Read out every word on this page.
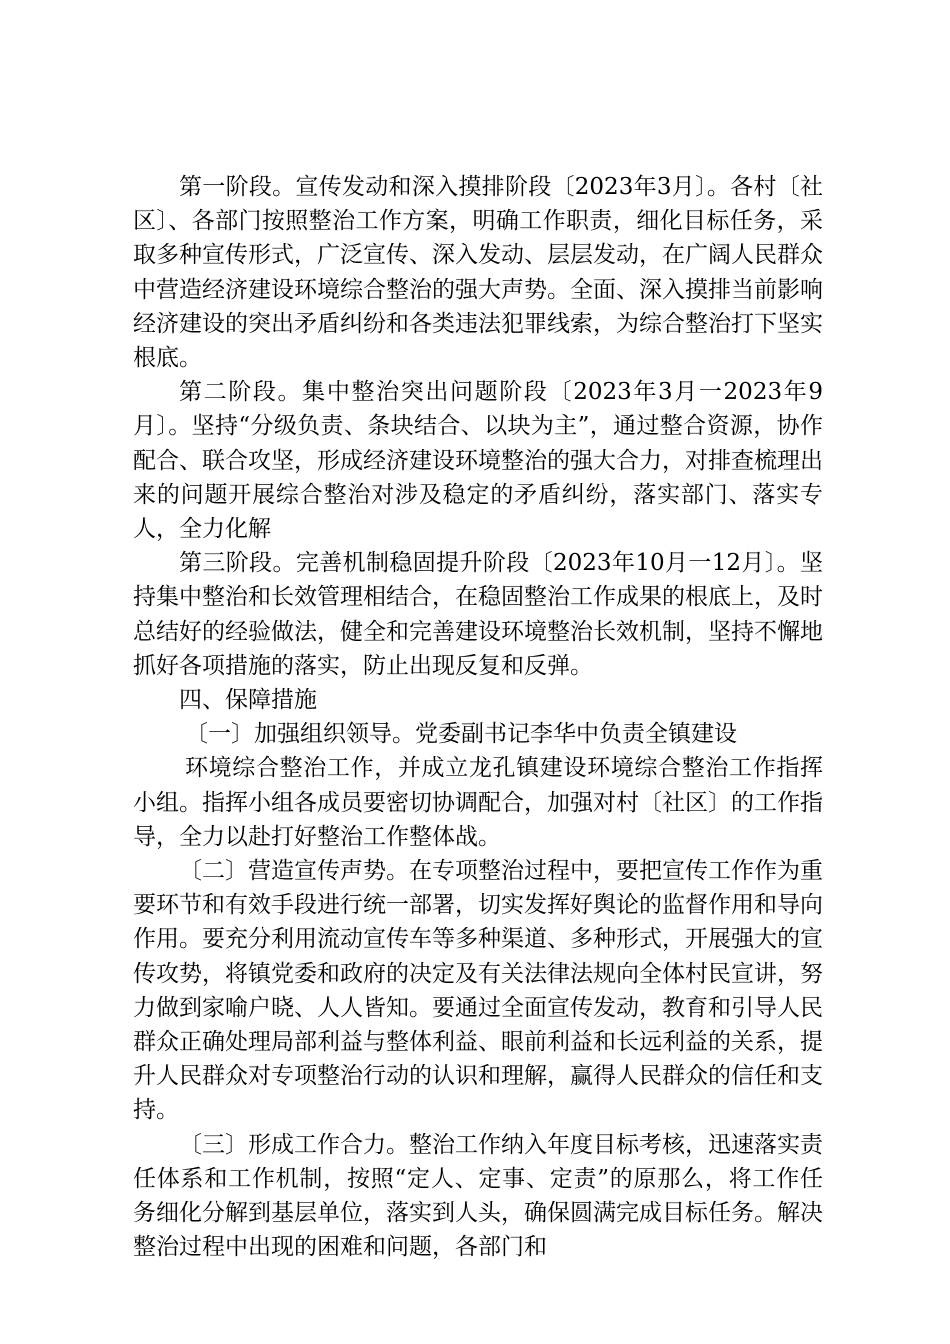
第一阶段。宣传发动和深入摸排阶段〔2023年3月〕。各村〔社区〕、各部门按照整治工作方案，明确工作职责，细化目标任务，采取多种宣传形式，广泛宣传、深入发动、层层发动，在广阔人民群众中营造经济建设环境综合整治的强大声势。全面、深入摸排当前影响经济建设的突出矛盾纠纷和各类违法犯罪线索，为综合整治打下坚实根底。

第二阶段。集中整治突出问题阶段〔2023年3月一2023年9月〕。坚持“分级负责、条块结合、以块为主”，通过整合资源，协作配合、联合攻坚，形成经济建设环境整治的强大合力，对排查梳理出来的问题开展综合整治对涉及稳定的矛盾纠纷，落实部门、落实专人，全力化解

第三阶段。完善机制稳固提升阶段〔2023年10月一12月〕。坚持集中整治和长效管理相结合，在稳固整治工作成果的根底上，及时总结好的经验做法，健全和完善建设环境整治长效机制，坚持不懈地抓好各项措施的落实，防止出现反复和反弹。

四、保障措施

〔一〕加强组织领导。党委副书记李华中负责全镇建设
环境综合整治工作，并成立龙孔镇建设环境综合整治工作指挥小组。指挥小组各成员要密切协调配合，加强对村〔社区〕的工作指导，全力以赴打好整治工作整体战。

〔二〕营造宣传声势。在专项整治过程中，要把宣传工作作为重要环节和有效手段进行统一部署，切实发挥好舆论的监督作用和导向作用。要充分利用流动宣传车等多种渠道、多种形式，开展强大的宣传攻势，将镇党委和政府的决定及有关法律法规向全体村民宣讲，努力做到家喻户晓、人人皆知。要通过全面宣传发动，教育和引导人民群众正确处理局部利益与整体利益、眼前利益和长远利益的关系，提升人民群众对专项整治行动的认识和理解，赢得人民群众的信任和支持。

〔三〕形成工作合力。整治工作纳入年度目标考核，迅速落实责任体系和工作机制，按照“定人、定事、定责”的原那么，将工作任务细化分解到基层单位，落实到人头，确保圆满完成目标任务。解决整治过程中出现的困难和问题，各部门和
